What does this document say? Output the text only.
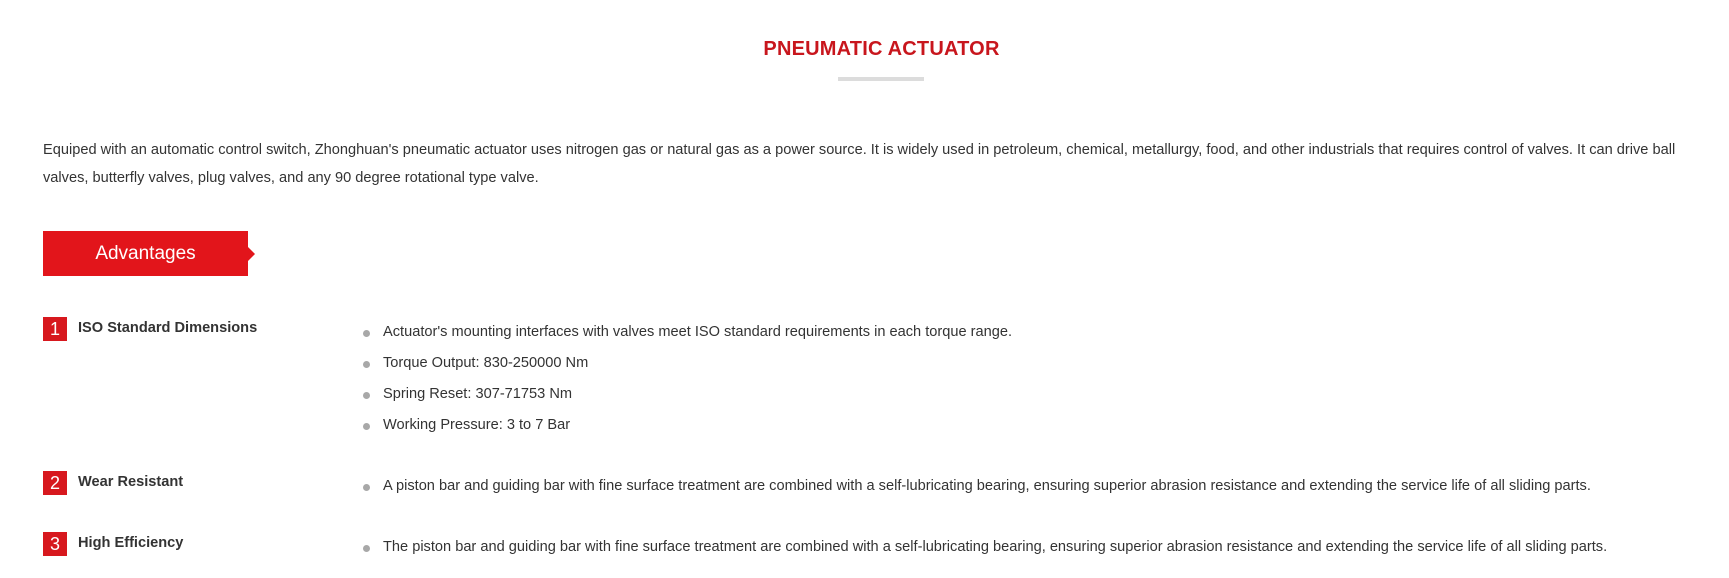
PNEUMATIC ACTUATOR
Equiped with an automatic control switch, Zhonghuan's pneumatic actuator uses nitrogen gas or natural gas as a power source. It is widely used in petroleum, chemical, metallurgy, food, and other industrials that requires control of valves. It can drive ball valves, butterfly valves, plug valves, and any 90 degree rotational type valve.
Advantages
1	ISO Standard Dimensions	Actuator's mounting interfaces with valves meet ISO standard requirements in each torque range.
Torque Output: 830-250000 Nm
Spring Reset: 307-71753 Nm
Working Pressure: 3 to 7 Bar
2	Wear Resistant	A piston bar and guiding bar with fine surface treatment are combined with a self-lubricating bearing, ensuring superior abrasion resistance and extending the service life of all sliding parts.
3	High Efficiency	The piston bar and guiding bar with fine surface treatment are combined with a self-lubricating bearing, ensuring superior abrasion resistance and extending the service life of all sliding parts.
